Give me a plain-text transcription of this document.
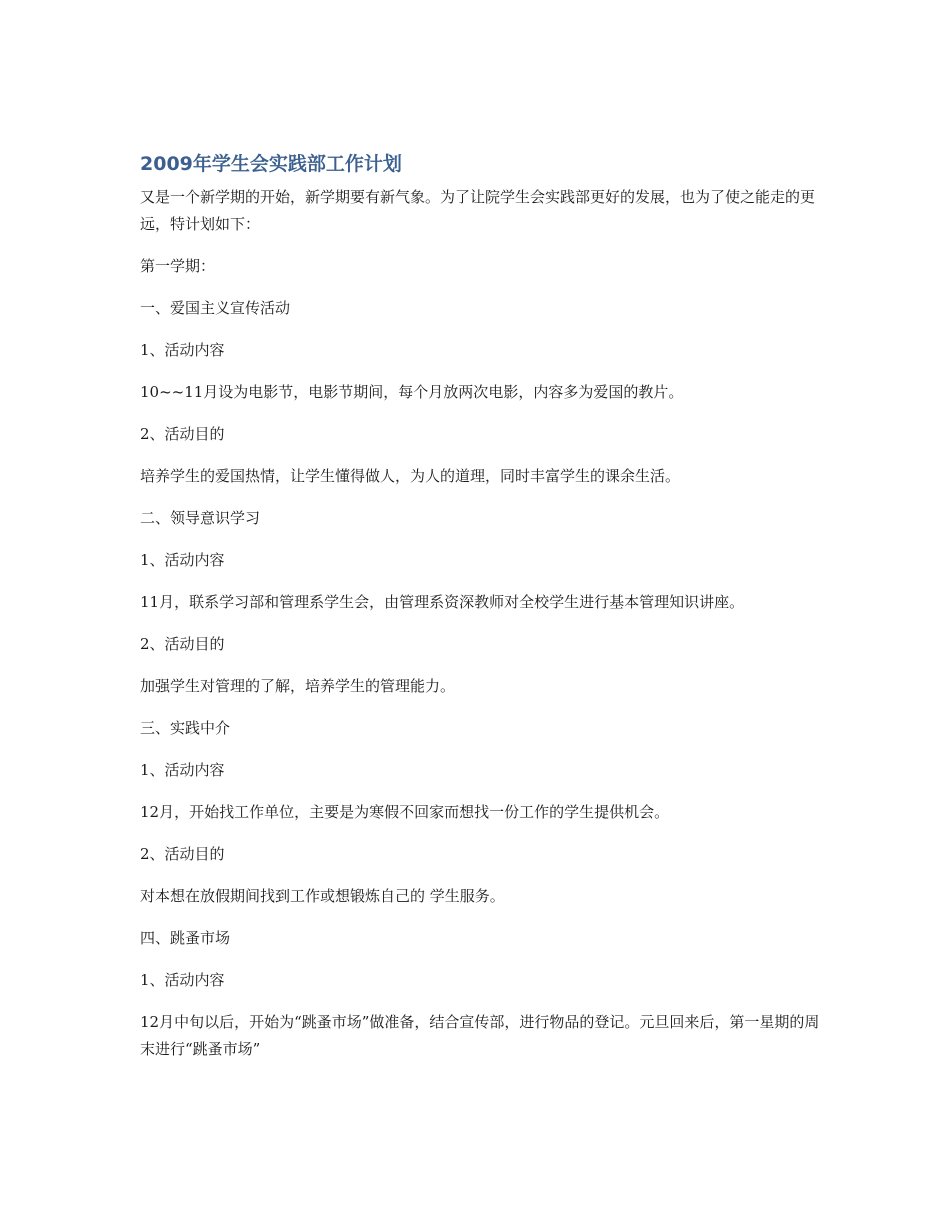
2009年学生会实践部工作计划

又是一个新学期的开始，新学期要有新气象。为了让院学生会实践部更好的发展，也为了使之能走的更远，特计划如下：

第一学期：

一、爱国主义宣传活动

1、活动内容

10~~11月设为电影节，电影节期间，每个月放两次电影，内容多为爱国的教片。

2、活动目的

培养学生的爱国热情，让学生懂得做人，为人的道理，同时丰富学生的课余生活。

二、领导意识学习

1、活动内容

11月，联系学习部和管理系学生会，由管理系资深教师对全校学生进行基本管理知识讲座。

2、活动目的

加强学生对管理的了解，培养学生的管理能力。

三、实践中介

1、活动内容

12月，开始找工作单位，主要是为寒假不回家而想找一份工作的学生提供机会。

2、活动目的

对本想在放假期间找到工作或想锻炼自己的 学生服务。

四、跳蚤市场

1、活动内容

12月中旬以后，开始为“跳蚤市场”做准备，结合宣传部，进行物品的登记。元旦回来后，第一星期的周末进行“跳蚤市场”
